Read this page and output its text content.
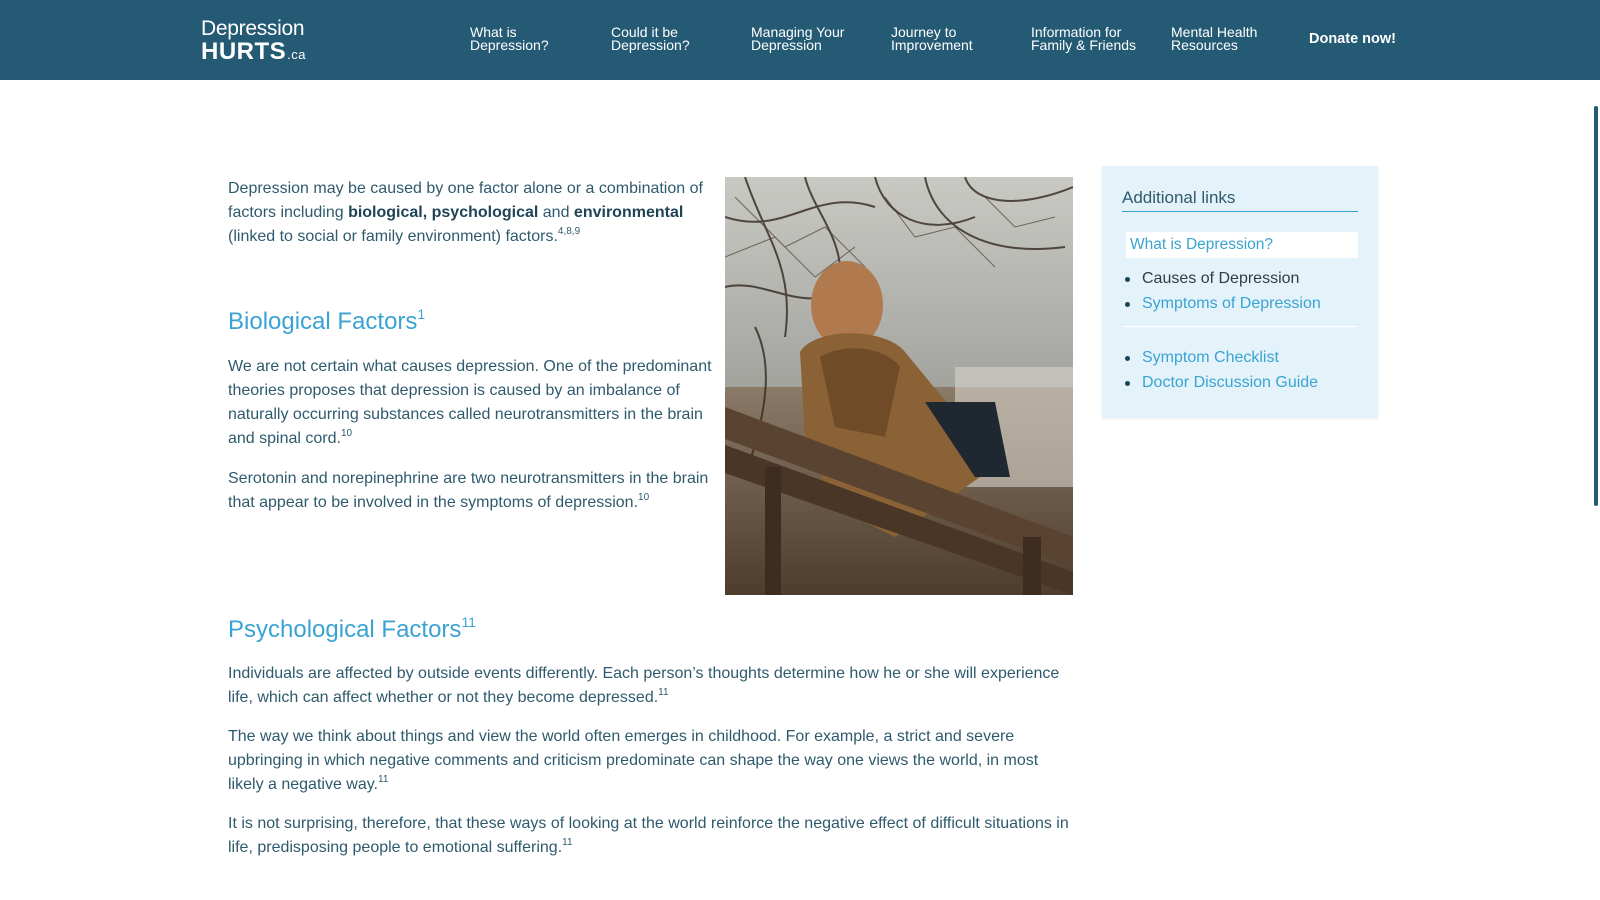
Depression
HURTS.ca
What is
Depression?
Could it be
Depression?
Managing Your
Depression
Journey to
Improvement
Information for
Family & Friends
Mental Health
Resources	Donate now!

Depression may be caused by one factor alone or a combination of factors including biological, psychological and environmental (linked to social or family environment) factors.$^{4,8,9}$

Biological Factors$^1$

We are not certain what causes depression. One of the predominant theories proposes that depression is caused by an imbalance of naturally occurring substances called neurotransmitters in the brain and spinal cord.$^{10}$

Serotonin and norepinephrine are two neurotransmitters in the brain that appear to be involved in the symptoms of depression.$^{10}$

Psychological Factors$^{11}$

Individuals are affected by outside events differently. Each person’s thoughts determine how he or she will experience life, which can affect whether or not they become depressed.$^{11}$

The way we think about things and view the world often emerges in childhood. For example, a strict and severe upbringing in which negative comments and criticism predominate can shape the way one views the world, in most likely a negative way.$^{11}$

It is not surprising, therefore, that these ways of looking at the world reinforce the negative effect of difficult situations in life, predisposing people to emotional suffering.$^{11}$

Additional links
What is Depression?
Causes of Depression
Symptoms of Depression
Symptom Checklist
Doctor Discussion Guide
